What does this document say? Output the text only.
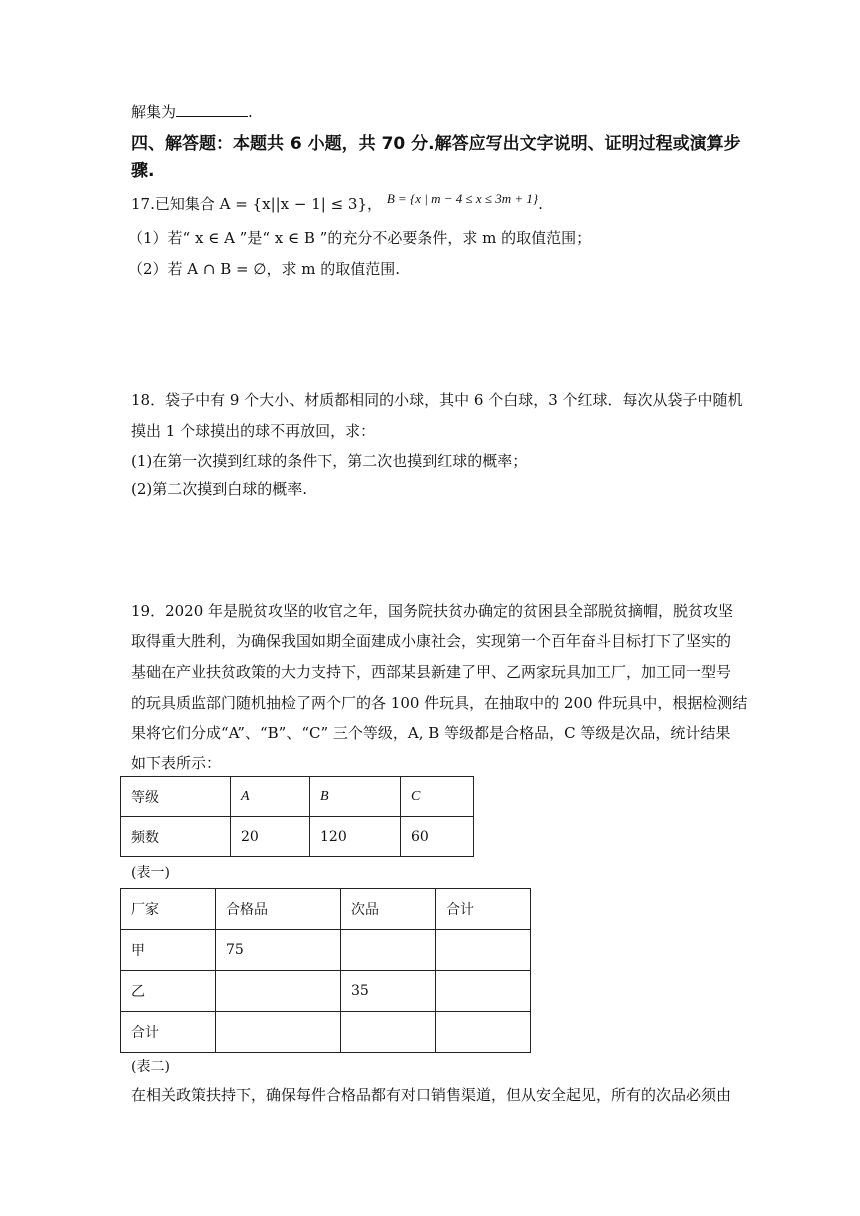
解集为	.
四、解答题：本题共 6 小题，共 70 分.解答应写出文字说明、证明过程或演算步
骤.
17.已知集合 A = {x||x − 1| ≤ 3}， B = {x | m − 4 ≤ x ≤ 3m + 1}.
（1）若“ x ∈ A ”是“ x ∈ B ”的充分不必要条件，求 m 的取值范围；
（2）若 A ∩ B = ∅，求 m 的取值范围.
18．袋子中有 9 个大小、材质都相同的小球，其中 6 个白球，3 个红球．每次从袋子中随机
摸出 1 个球摸出的球不再放回，求：
(1)在第一次摸到红球的条件下，第二次也摸到红球的概率；
(2)第二次摸到白球的概率.
19．2020 年是脱贫攻坚的收官之年，国务院扶贫办确定的贫困县全部脱贫摘帽，脱贫攻坚
取得重大胜利，为确保我国如期全面建成小康社会，实现第一个百年奋斗目标打下了坚实的
基础在产业扶贫政策的大力支持下，西部某县新建了甲、乙两家玩具加工厂，加工同一型号
的玩具质监部门随机抽检了两个厂的各 100 件玩具，在抽取中的 200 件玩具中，根据检测结
果将它们分成“A”、“B”、“C” 三个等级，A, B 等级都是合格品，C 等级是次品，统计结果
如下表所示：
等级	A	B	C
频数	20	120	60
(表一)
厂家	合格品	次品	合计
甲	75		
乙		35	
合计			
(表二)
在相关政策扶持下，确保每件合格品都有对口销售渠道，但从安全起见，所有的次品必须由
